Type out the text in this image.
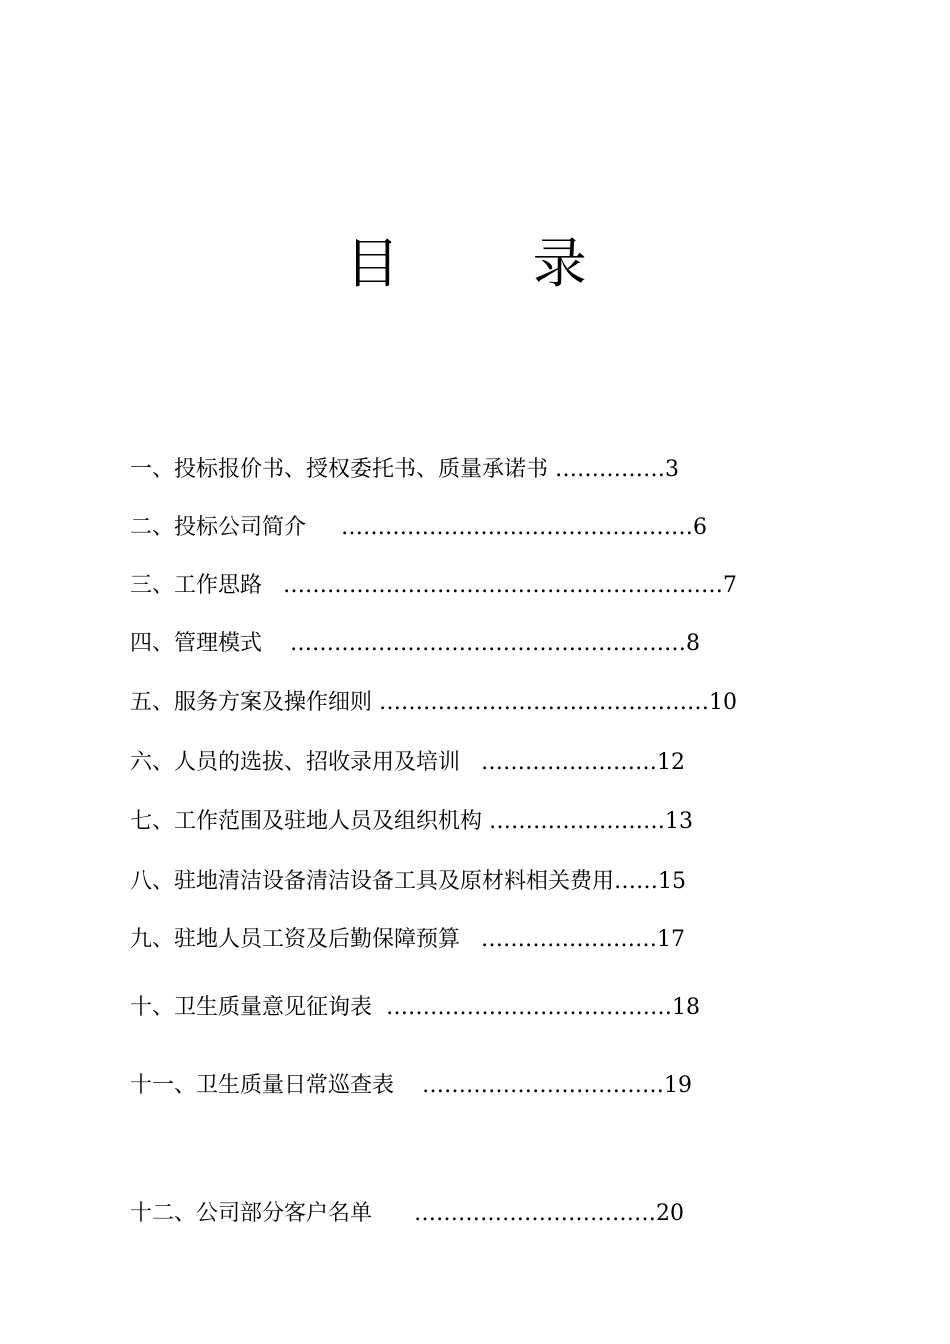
目 录

一、投标报价书、授权委托书、质量承诺书 ……………3

二、投标公司简介     …………………………………………6

三、工作思路   ……………………………………………………7

四、管理模式    ………………………………………………8

五、服务方案及操作细则 ………………………………………10

六、人员的选拔、招收录用及培训   ……………………12

七、工作范围及驻地人员及组织机构 ……………………13

八、驻地清洁设备清洁设备工具及原材料相关费用……15

九、驻地人员工资及后勤保障预算   ……………………17

十、卫生质量意见征询表  …………………………………18

十一、卫生质量日常巡查表    ……………………………19

十二、公司部分客户名单      ……………………………20
